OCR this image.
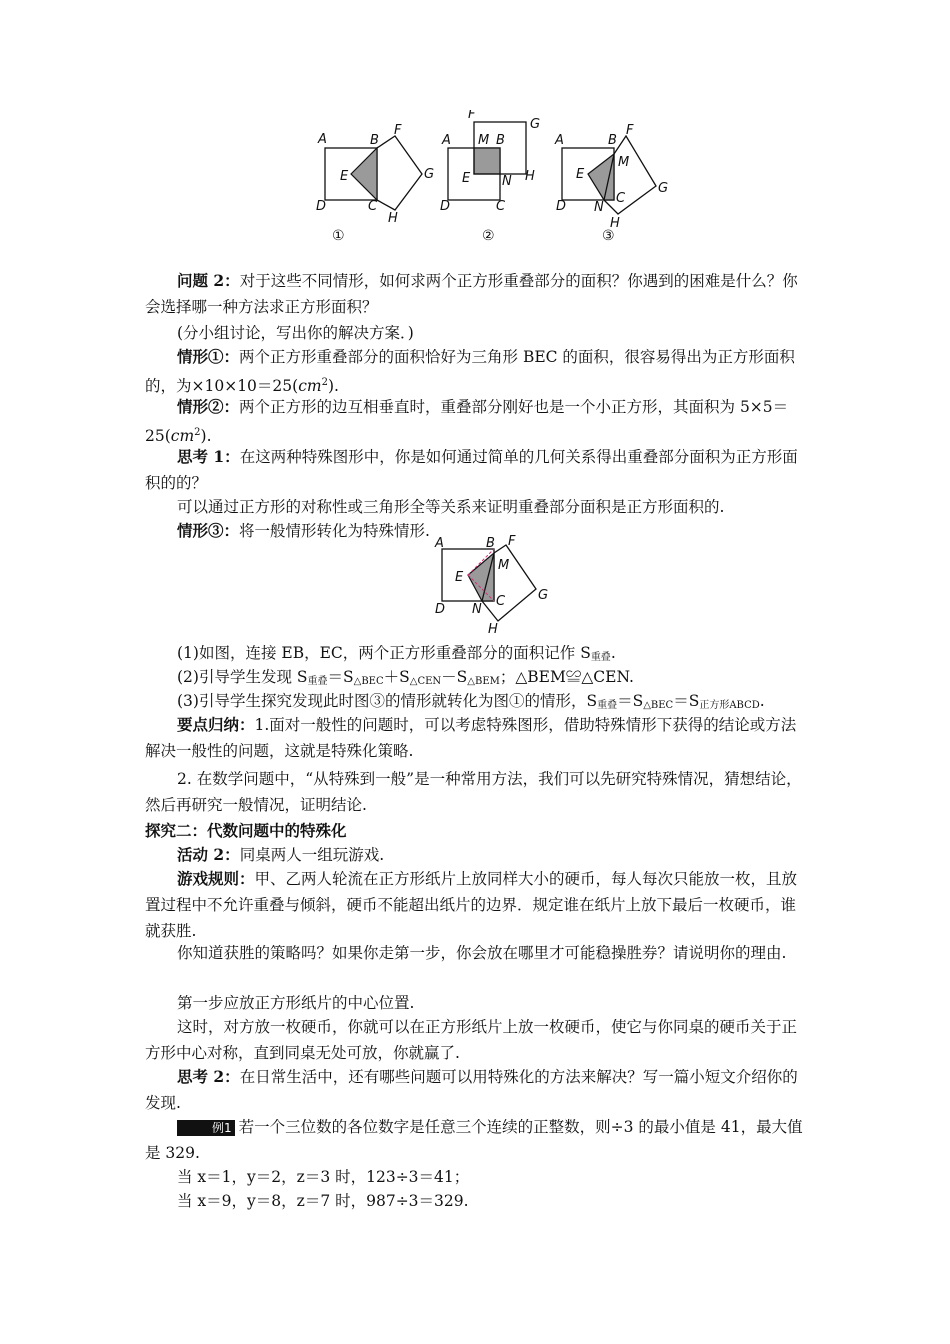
A	B
F
E	G
D	C
H
①
A
F
G
M B
E N H
D	C
②
A	B
F
M
E
G
C
D N
H
③

问题 2：对于这些不同情形，如何求两个正方形重叠部分的面积？你遇到的困难是什么？你会选择哪一种方法求正方形面积？

(分小组讨论，写出你的解决方案．)

情形①：两个正方形重叠部分的面积恰好为三角形 BEC 的面积，很容易得出为正方形面积的，为$\times 10\times 10=25(cm^2)$.

情形②：两个正方形的边互相垂直时，重叠部分刚好也是一个小正方形，其面积为 $5\times 5=25(cm^2)$.

思考 1：在这两种特殊图形中，你是如何通过简单的几何关系得出重叠部分面积为正方形面积的的？

可以通过正方形的对称性或三角形全等关系来证明重叠部分面积是正方形面积的.

情形③：将一般情形转化为特殊情形.

A	B F
M
E
G
C
D N
H

(1)如图，连接 EB，EC，两个正方形重叠部分的面积记作 $S_{重叠}$.

(2)引导学生发现 $S_{重叠}=S_{\triangle BEC}+S_{\triangle CEN}-S_{\triangle BEM}$；△BEM≌△CEN.

(3)引导学生探究发现此时图③的情形就转化为图①的情形，$S_{重叠}=S_{\triangle BEC}=S_{正方形ABCD}$.

要点归纳：1.面对一般性的问题时，可以考虑特殊图形，借助特殊情形下获得的结论或方法解决一般性的问题，这就是特殊化策略.

2. 在数学问题中，“从特殊到一般”是一种常用方法，我们可以先研究特殊情况，猜想结论，然后再研究一般情况，证明结论.

探究二：代数问题中的特殊化

活动 2：同桌两人一组玩游戏.

游戏规则：甲、乙两人轮流在正方形纸片上放同样大小的硬币，每人每次只能放一枚，且放置过程中不允许重叠与倾斜，硬币不能超出纸片的边界．规定谁在纸片上放下最后一枚硬币，谁就获胜.

你知道获胜的策略吗？如果你走第一步，你会放在哪里才可能稳操胜券？请说明你的理由.

第一步应放正方形纸片的中心位置.

这时，对方放一枚硬币，你就可以在正方形纸片上放一枚硬币，使它与你同桌的硬币关于正方形中心对称，直到同桌无处可放，你就赢了.

思考 2：在日常生活中，还有哪些问题可以用特殊化的方法来解决？写一篇小短文介绍你的发现.

例1 若一个三位数的各位数字是任意三个连续的正整数，则÷3 的最小值是 41，最大值是 329.

当 x＝1，y＝2，z＝3 时，123÷3＝41；

当 x＝9，y＝8，z＝7 时，987÷3＝329.
